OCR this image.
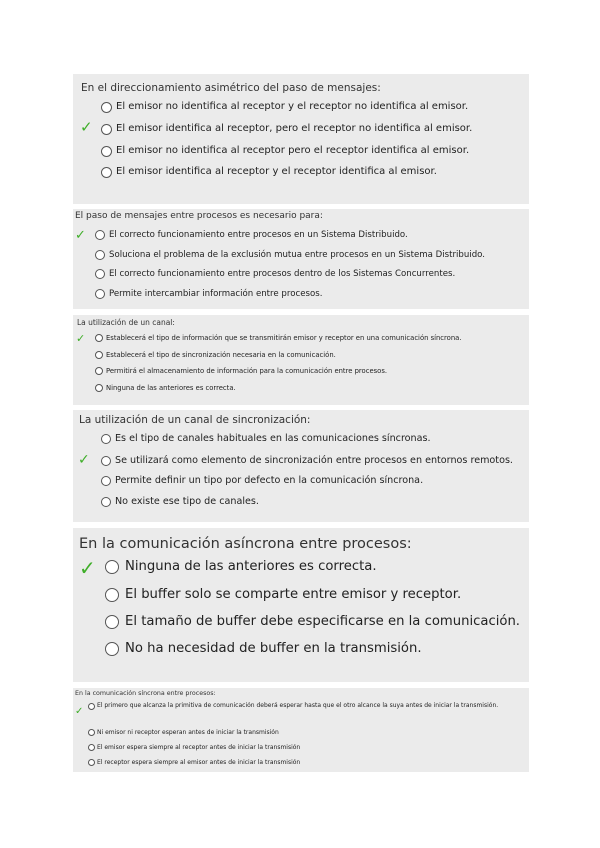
En el direccionamiento asimétrico del paso de mensajes:
✓
El emisor no identifica al receptor y el receptor no identifica al emisor.
El emisor identifica al receptor, pero el receptor no identifica al emisor.
El emisor no identifica al receptor pero el receptor identifica al emisor.
El emisor identifica al receptor y el receptor identifica al emisor.
El paso de mensajes entre procesos es necesario para:
✓	El correcto funcionamiento entre procesos en un Sistema Distribuido.
Soluciona el problema de la exclusión mutua entre procesos en un Sistema Distribuido.
El correcto funcionamiento entre procesos dentro de los Sistemas Concurrentes.
Permite intercambiar información entre procesos.
La utilización de un canal:
✓	Establecerá el tipo de información que se transmitirán emisor y receptor en una comunicación síncrona.
Establecerá el tipo de sincronización necesaria en la comunicación.
Permitirá el almacenamiento de información para la comunicación entre procesos.
Ninguna de las anteriores es correcta.
La utilización de un canal de sincronización:
✓
Es el tipo de canales habituales en las comunicaciones síncronas.
Se utilizará como elemento de sincronización entre procesos en entornos remotos.
Permite definir un tipo por defecto en la comunicación síncrona.
No existe ese tipo de canales.
En la comunicación asíncrona entre procesos:
✓ Ninguna de las anteriores es correcta.
El buffer solo se comparte entre emisor y receptor.
El tamaño de buffer debe especificarse en la comunicación.
No ha necesidad de buffer en la transmisión.
En la comunicación síncrona entre procesos:
✓
El primero que alcanza la primitiva de comunicación deberá esperar hasta que el otro alcance la suya antes de iniciar la transmisión.
Ni emisor ni receptor esperan antes de iniciar la transmisión
El emisor espera siempre al receptor antes de iniciar la transmisión
El receptor espera siempre al emisor antes de iniciar la transmisión
